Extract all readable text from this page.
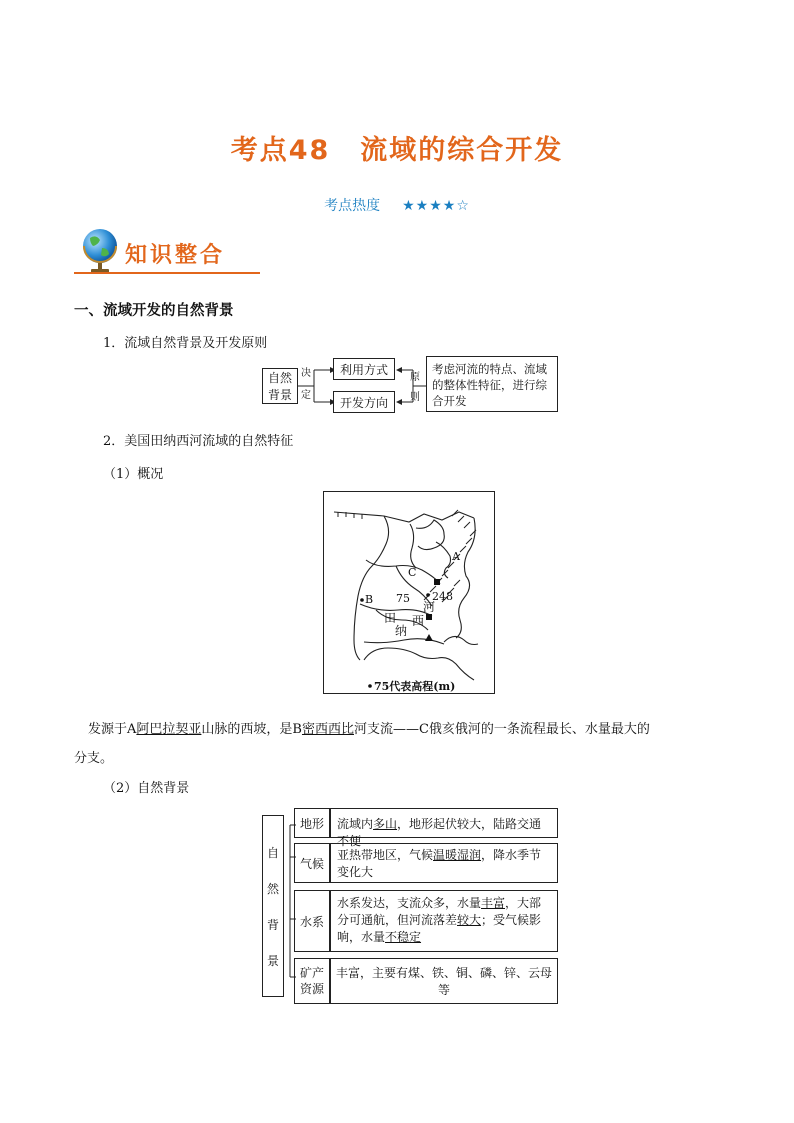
考点48 流域的综合开发
考点热度 ★★★★☆
知识整合
一、流域开发的自然背景
1．流域自然背景及开发原则
自然背景
决定
利用方式
开发方向
原则
考虑河流的特点、流域的整体性特征，进行综合开发
2．美国田纳西河流域的自然特征
（1）概况
A
B
C
75 248
田
纳
西
河
75代表高程(m)
发源于A阿巴拉契亚山脉的西坡，是B密西西比河支流——C俄亥俄河的一条流程最长、水量最大的
分支。
（2）自然背景
自
然
背
景
地形	流域内多山，地形起伏较大，陆路交通不便
气候
亚热带地区，气候温暖湿润，降水季节变化大
水系
水系发达，支流众多，水量丰富，大部分可通航，但河流落差较大；受气候影响，水量不稳定
矿产资源
丰富，主要有煤、铁、铜、磷、锌、云母等
